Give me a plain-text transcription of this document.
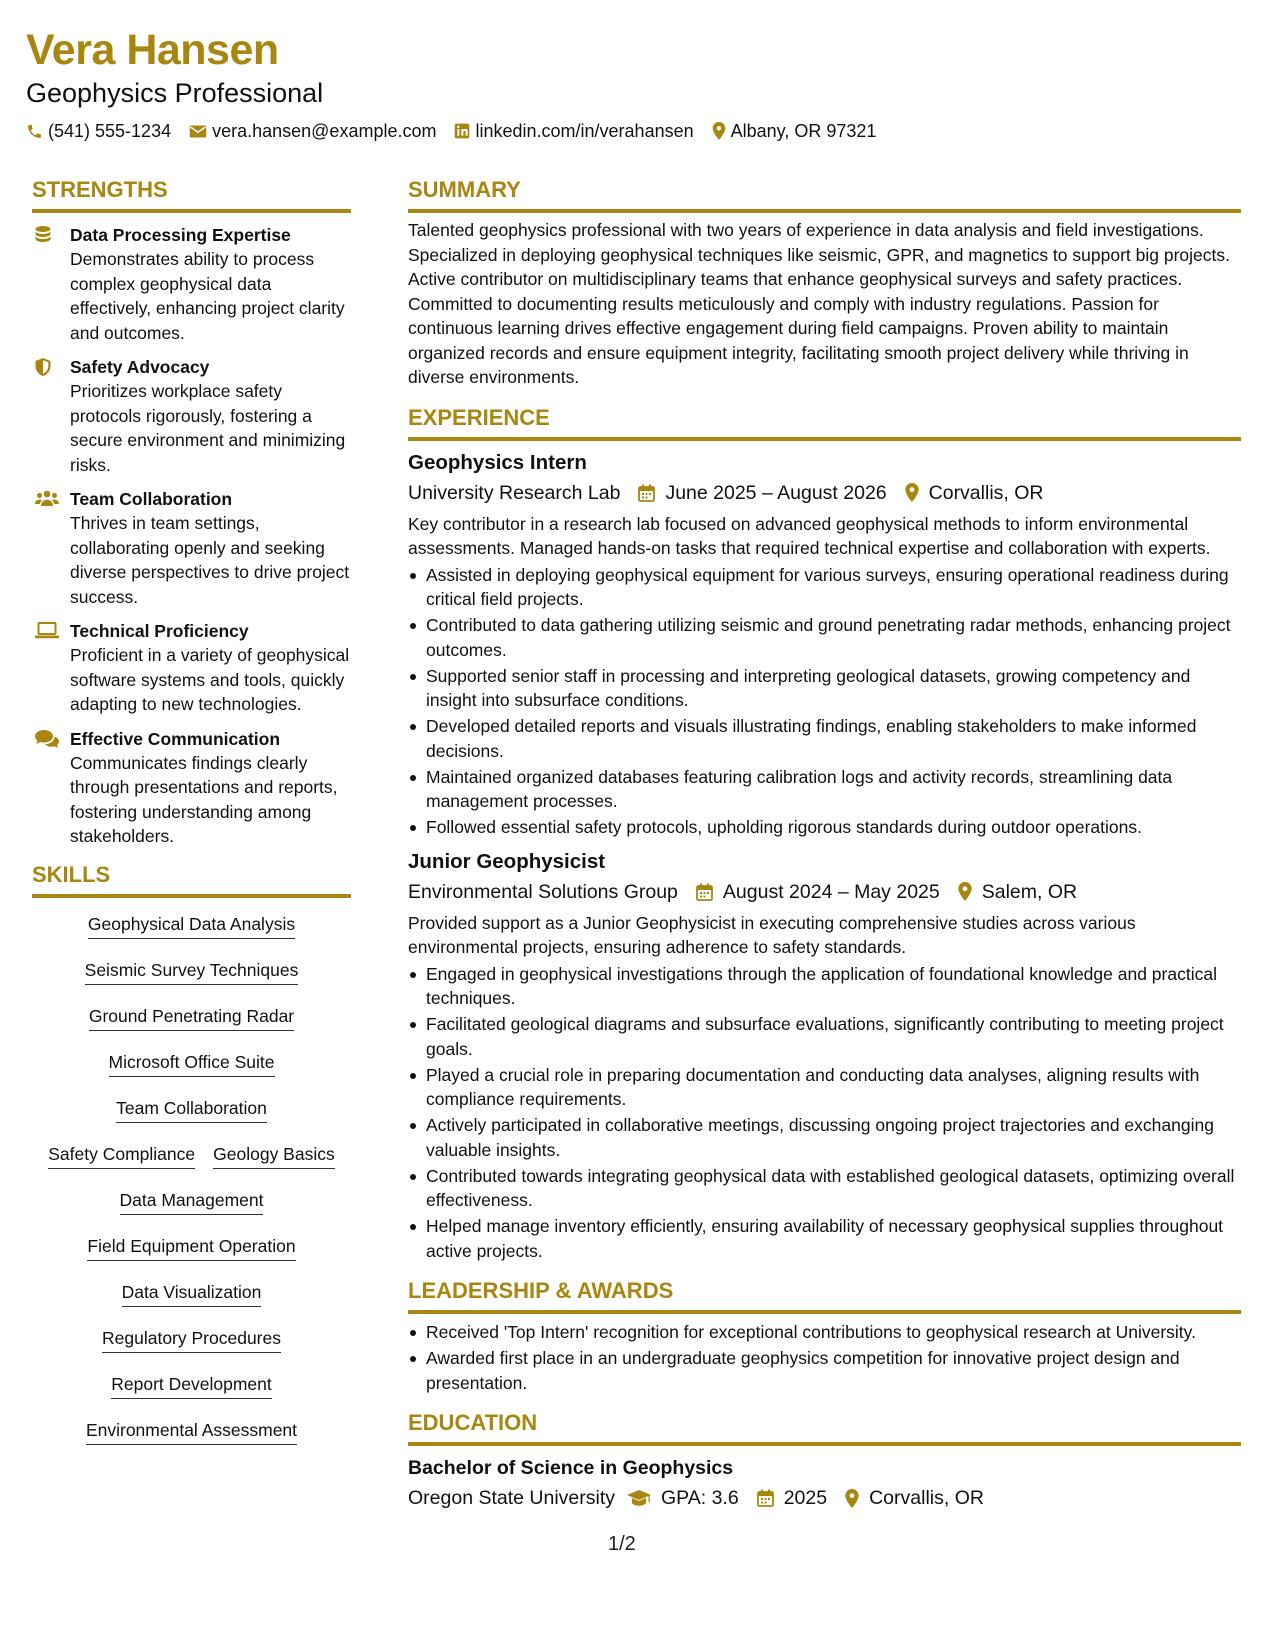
Vera Hansen
Geophysics Professional
(541) 555-1234 vera.hansen@example.com linkedin.com/in/verahansen Albany, OR 97321
STRENGTHS
Data Processing Expertise
Demonstrates ability to process complex geophysical data effectively, enhancing project clarity and outcomes.
Safety Advocacy
Prioritizes workplace safety protocols rigorously, fostering a secure environment and minimizing risks.
Team Collaboration
Thrives in team settings, collaborating openly and seeking diverse perspectives to drive project success.
Technical Proficiency
Proficient in a variety of geophysical software systems and tools, quickly adapting to new technologies.
Effective Communication
Communicates findings clearly through presentations and reports, fostering understanding among stakeholders.
SKILLS
Geophysical Data Analysis
Seismic Survey Techniques
Ground Penetrating Radar
Microsoft Office Suite
Team Collaboration
Safety Compliance Geology Basics
Data Management
Field Equipment Operation
Data Visualization
Regulatory Procedures
Report Development
Environmental Assessment
SUMMARY
Talented geophysics professional with two years of experience in data analysis and field investigations. Specialized in deploying geophysical techniques like seismic, GPR, and magnetics to support big projects. Active contributor on multidisciplinary teams that enhance geophysical surveys and safety practices. Committed to documenting results meticulously and comply with industry regulations. Passion for continuous learning drives effective engagement during field campaigns. Proven ability to maintain organized records and ensure equipment integrity, facilitating smooth project delivery while thriving in diverse environments.
EXPERIENCE
Geophysics Intern
University Research Lab June 2025 – August 2026 Corvallis, OR
Key contributor in a research lab focused on advanced geophysical methods to inform environmental assessments. Managed hands-on tasks that required technical expertise and collaboration with experts.
Assisted in deploying geophysical equipment for various surveys, ensuring operational readiness during critical field projects.
Contributed to data gathering utilizing seismic and ground penetrating radar methods, enhancing project outcomes.
Supported senior staff in processing and interpreting geological datasets, growing competency and insight into subsurface conditions.
Developed detailed reports and visuals illustrating findings, enabling stakeholders to make informed decisions.
Maintained organized databases featuring calibration logs and activity records, streamlining data management processes.
Followed essential safety protocols, upholding rigorous standards during outdoor operations.
Junior Geophysicist
Environmental Solutions Group August 2024 – May 2025 Salem, OR
Provided support as a Junior Geophysicist in executing comprehensive studies across various environmental projects, ensuring adherence to safety standards.
Engaged in geophysical investigations through the application of foundational knowledge and practical techniques.
Facilitated geological diagrams and subsurface evaluations, significantly contributing to meeting project goals.
Played a crucial role in preparing documentation and conducting data analyses, aligning results with compliance requirements.
Actively participated in collaborative meetings, discussing ongoing project trajectories and exchanging valuable insights.
Contributed towards integrating geophysical data with established geological datasets, optimizing overall effectiveness.
Helped manage inventory efficiently, ensuring availability of necessary geophysical supplies throughout active projects.
LEADERSHIP & AWARDS
Received 'Top Intern' recognition for exceptional contributions to geophysical research at University.
Awarded first place in an undergraduate geophysics competition for innovative project design and presentation.
EDUCATION
Bachelor of Science in Geophysics
Oregon State University GPA: 3.6 2025 Corvallis, OR
1/2
